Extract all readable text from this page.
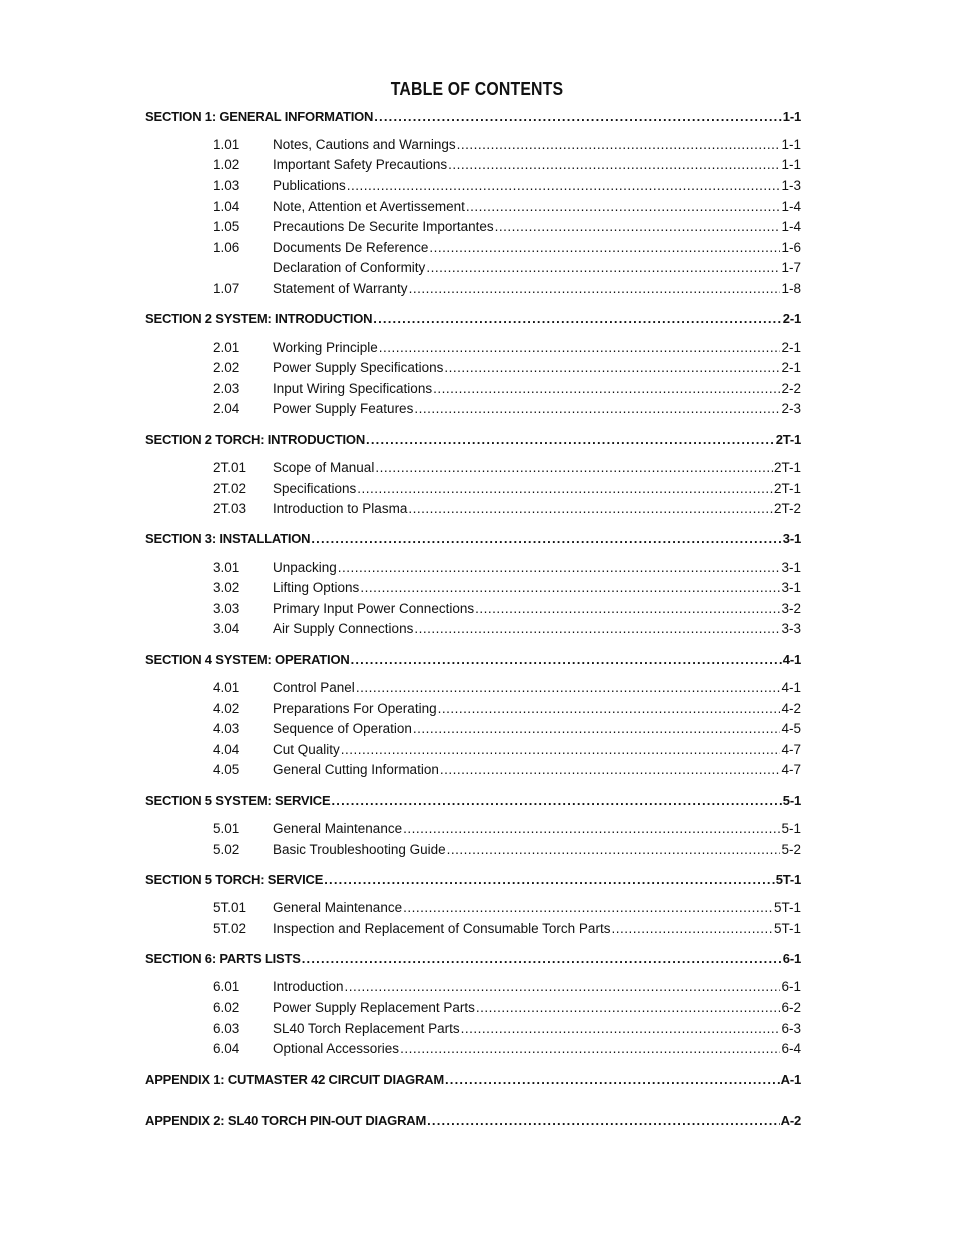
TABLE OF CONTENTS
SECTION 1: GENERAL INFORMATION .....	1-1
1.01	Notes, Cautions and Warnings .....	1-1
1.02	Important Safety Precautions .....	1-1
1.03	Publications .....	1-3
1.04	Note, Attention et Avertissement .....	1-4
1.05	Precautions De Securite Importantes .....	1-4
1.06	Documents De Reference .....	1-6
Declaration of Conformity .....	1-7
1.07	Statement of Warranty .....	1-8
SECTION 2 SYSTEM: INTRODUCTION .....	2-1
2.01	Working Principle .....	2-1
2.02	Power Supply Specifications .....	2-1
2.03	Input Wiring Specifications .....	2-2
2.04	Power Supply Features .....	2-3
SECTION 2 TORCH: INTRODUCTION .....	2T-1
2T.01	Scope of Manual .....	2T-1
2T.02	Specifications .....	2T-1
2T.03	Introduction to Plasma .....	2T-2
SECTION 3: INSTALLATION .....	3-1
3.01	Unpacking .....	3-1
3.02	Lifting Options .....	3-1
3.03	Primary Input Power Connections .....	3-2
3.04	Air Supply Connections .....	3-3
SECTION 4 SYSTEM: OPERATION .....	4-1
4.01	Control Panel .....	4-1
4.02	Preparations For Operating .....	4-2
4.03	Sequence of Operation .....	4-5
4.04	Cut Quality .....	4-7
4.05	General Cutting Information .....	4-7
SECTION 5 SYSTEM: SERVICE .....	5-1
5.01	General Maintenance .....	5-1
5.02	Basic Troubleshooting Guide .....	5-2
SECTION 5 TORCH: SERVICE .....	5T-1
5T.01	General Maintenance .....	5T-1
5T.02	Inspection and Replacement of Consumable Torch Parts .....	5T-1
SECTION 6: PARTS LISTS .....	6-1
6.01	Introduction .....	6-1
6.02	Power Supply Replacement Parts .....	6-2
6.03	SL40 Torch Replacement Parts .....	6-3
6.04	Optional Accessories .....	6-4
APPENDIX 1: CUTMASTER 42 CIRCUIT DIAGRAM .....	A-1
APPENDIX 2: SL40 TORCH PIN-OUT DIAGRAM .....	A-2
